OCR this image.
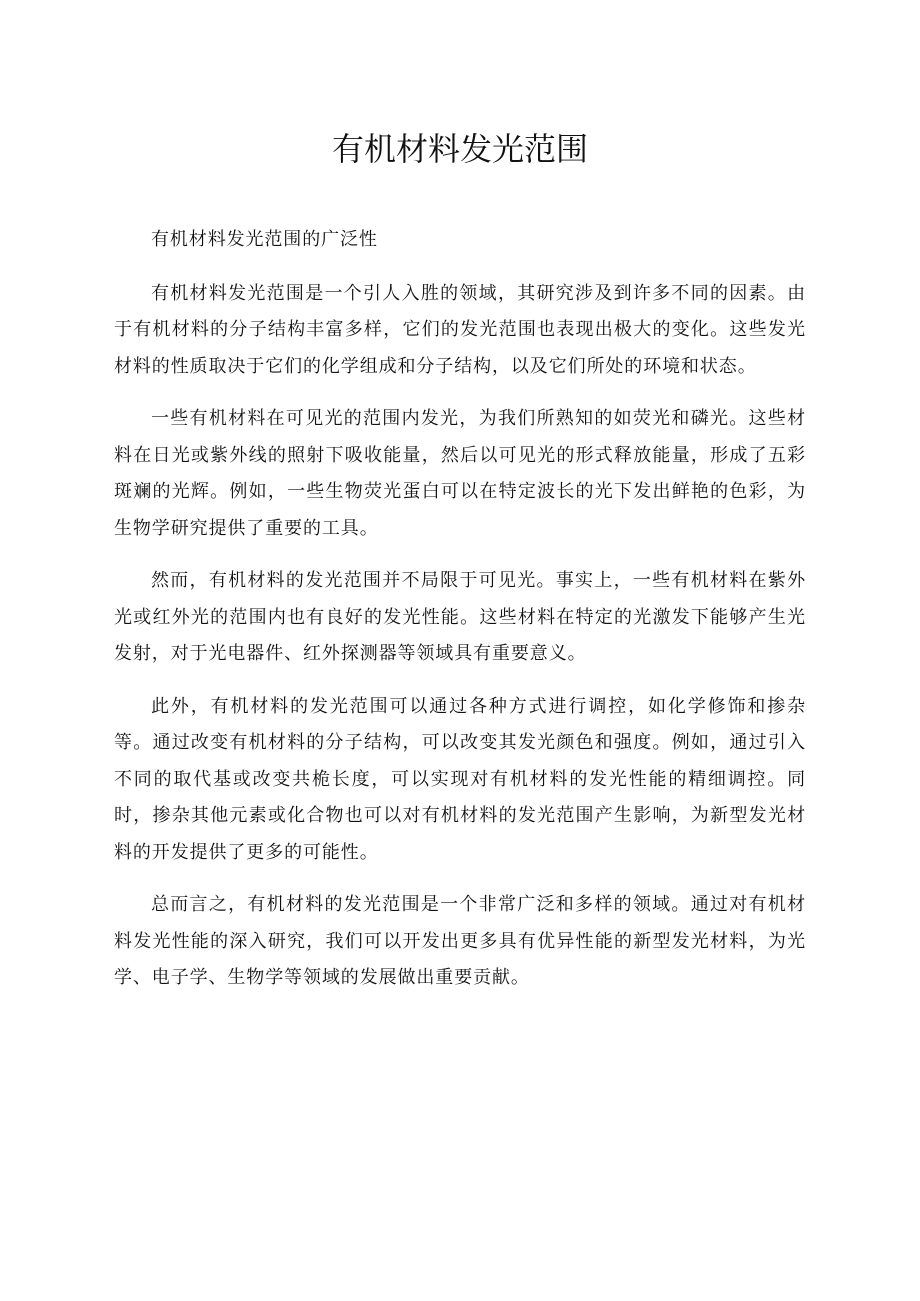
有机材料发光范围

有机材料发光范围的广泛性

有机材料发光范围是一个引人入胜的领域，其研究涉及到许多不同的因素。由于有机材料的分子结构丰富多样，它们的发光范围也表现出极大的变化。这些发光材料的性质取决于它们的化学组成和分子结构，以及它们所处的环境和状态。

一些有机材料在可见光的范围内发光，为我们所熟知的如荧光和磷光。这些材料在日光或紫外线的照射下吸收能量，然后以可见光的形式释放能量，形成了五彩斑斓的光辉。例如，一些生物荧光蛋白可以在特定波长的光下发出鲜艳的色彩，为生物学研究提供了重要的工具。

然而，有机材料的发光范围并不局限于可见光。事实上，一些有机材料在紫外光或红外光的范围内也有良好的发光性能。这些材料在特定的光激发下能够产生光发射，对于光电器件、红外探测器等领域具有重要意义。

此外，有机材料的发光范围可以通过各种方式进行调控，如化学修饰和掺杂等。通过改变有机材料的分子结构，可以改变其发光颜色和强度。例如，通过引入不同的取代基或改变共桅长度，可以实现对有机材料的发光性能的精细调控。同时，掺杂其他元素或化合物也可以对有机材料的发光范围产生影响，为新型发光材料的开发提供了更多的可能性。

总而言之，有机材料的发光范围是一个非常广泛和多样的领域。通过对有机材料发光性能的深入研究，我们可以开发出更多具有优异性能的新型发光材料，为光学、电子学、生物学等领域的发展做出重要贡献。
